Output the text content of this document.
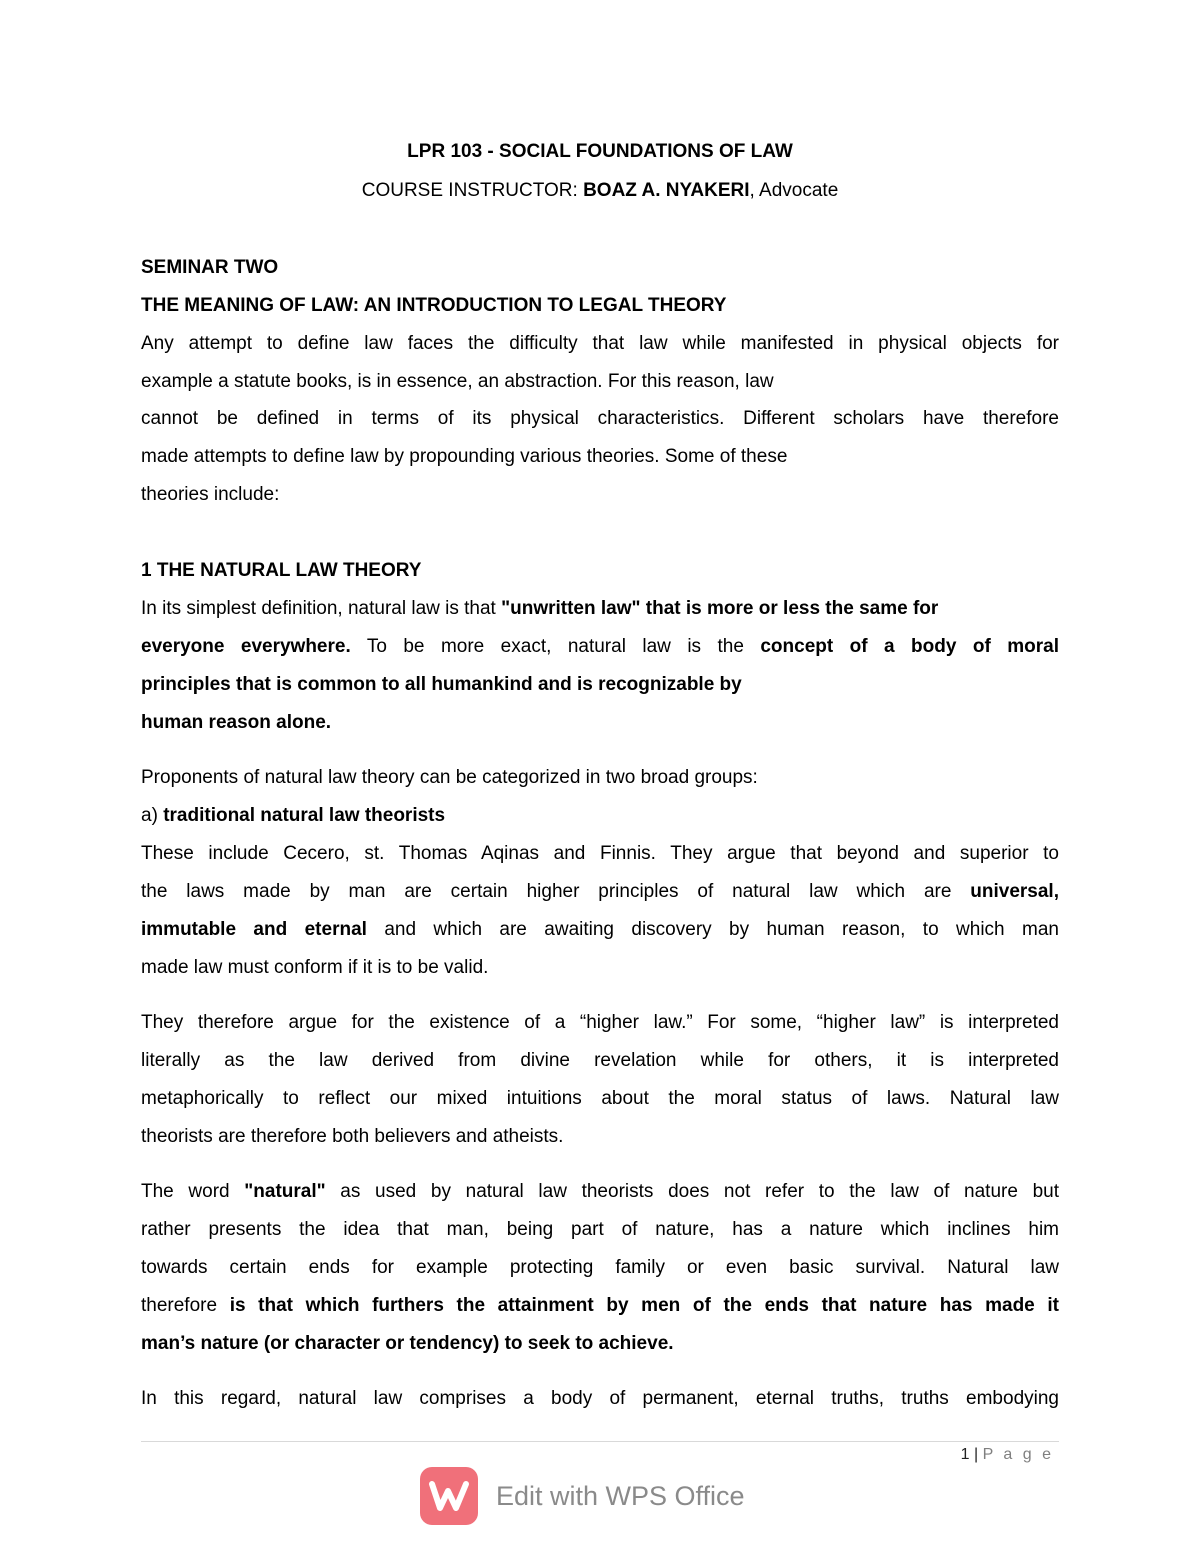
LPR 103 - SOCIAL FOUNDATIONS OF LAW

COURSE INSTRUCTOR: BOAZ A. NYAKERI, Advocate

SEMINAR TWO

THE MEANING OF LAW: AN INTRODUCTION TO LEGAL THEORY

Any attempt to define law faces the difficulty that law while manifested in physical objects for

example a statute books, is in essence, an abstraction. For this reason, law

cannot be defined in terms of its physical characteristics. Different scholars have therefore

made attempts to define law by propounding various theories. Some of these

theories include:

1 THE NATURAL LAW THEORY

In its simplest definition, natural law is that "unwritten law" that is more or less the same for

everyone everywhere. To be more exact, natural law is the concept of a body of moral

principles that is common to all humankind and is recognizable by

human reason alone.

Proponents of natural law theory can be categorized in two broad groups:

a) traditional natural law theorists

These include Cecero, st. Thomas Aqinas and Finnis. They argue that beyond and superior to

the laws made by man are certain higher principles of natural law which are universal,

immutable and eternal and which are awaiting discovery by human reason, to which man

made law must conform if it is to be valid.

They therefore argue for the existence of a “higher law.” For some, “higher law” is interpreted

literally as the law derived from divine revelation while for others, it is interpreted

metaphorically to reflect our mixed intuitions about the moral status of laws. Natural law

theorists are therefore both believers and atheists.

The word "natural" as used by natural law theorists does not refer to the law of nature but

rather presents the idea that man, being part of nature, has a nature which inclines him

towards certain ends for example protecting family or even basic survival. Natural law

therefore is that which furthers the attainment by men of the ends that nature has made it

man’s nature (or character or tendency) to seek to achieve.

In this regard, natural law comprises a body of permanent, eternal truths, truths embodying

1 | P a g e
Edit with WPS Office
